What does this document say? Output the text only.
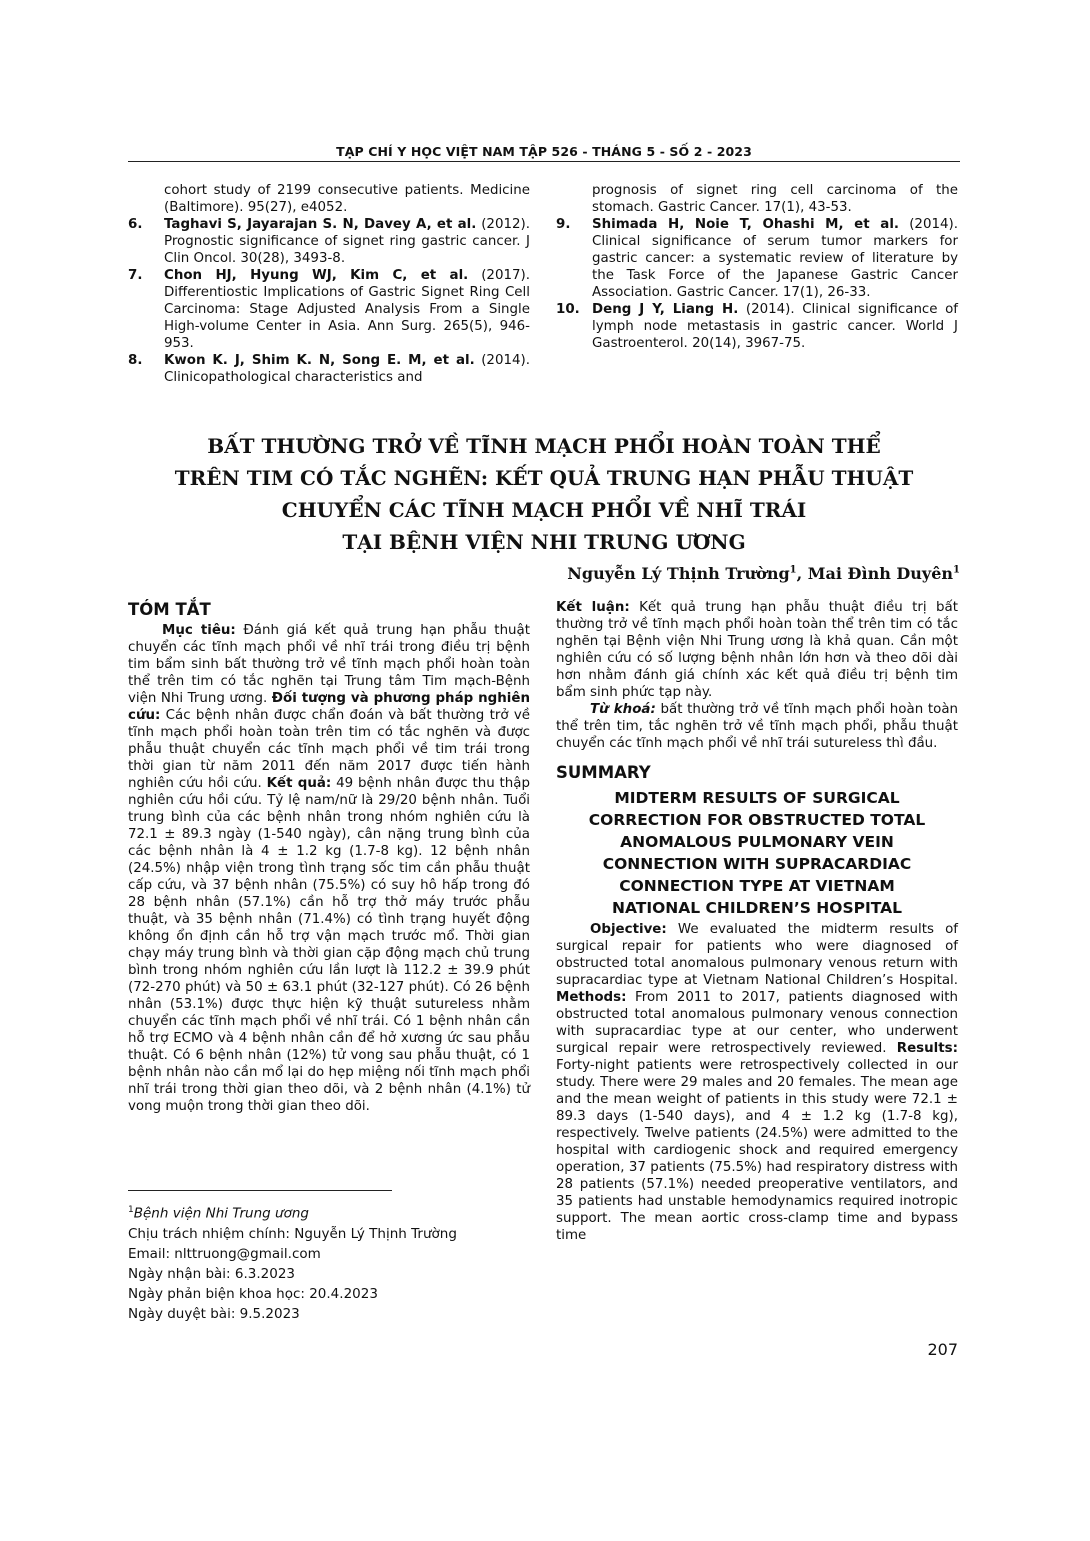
TẠP CHÍ Y HỌC VIỆT NAM TẬP 526 - THÁNG 5 - SỐ 2 - 2023

cohort study of 2199 consecutive patients. Medicine (Baltimore). 95(27), e4052.

6. Taghavi S, Jayarajan S. N, Davey A, et al. (2012). Prognostic significance of signet ring gastric cancer. J Clin Oncol. 30(28), 3493-8.

7. Chon HJ, Hyung WJ, Kim C, et al. (2017). Differentiostic Implications of Gastric Signet Ring Cell Carcinoma: Stage Adjusted Analysis From a Single High-volume Center in Asia. Ann Surg. 265(5), 946-953.

8. Kwon K. J, Shim K. N, Song E. M, et al. (2014). Clinicopathological characteristics and

prognosis of signet ring cell carcinoma of the stomach. Gastric Cancer. 17(1), 43-53.

9. Shimada H, Noie T, Ohashi M, et al. (2014). Clinical significance of serum tumor markers for gastric cancer: a systematic review of literature by the Task Force of the Japanese Gastric Cancer Association. Gastric Cancer. 17(1), 26-33.

10. Deng J Y, Liang H. (2014). Clinical significance of lymph node metastasis in gastric cancer. World J Gastroenterol. 20(14), 3967-75.

BẤT THƯỜNG TRỞ VỀ TĨNH MẠCH PHỔI HOÀN TOÀN THỂ
TRÊN TIM CÓ TẮC NGHẼN: KẾT QUẢ TRUNG HẠN PHẪU THUẬT
CHUYỂN CÁC TĨNH MẠCH PHỔI VỀ NHĨ TRÁI
TẠI BỆNH VIỆN NHI TRUNG ƯƠNG
Nguyễn Lý Thịnh Trường$^1$, Mai Đình Duyên$^1$
TÓM TẮT

Mục tiêu: Đánh giá kết quả trung hạn phẫu thuật chuyển các tĩnh mạch phổi về nhĩ trái trong điều trị bệnh tim bẩm sinh bất thường trở về tĩnh mạch phổi hoàn toàn thể trên tim có tắc nghẽn tại Trung tâm Tim mạch-Bệnh viện Nhi Trung ương. Đối tượng và phương pháp nghiên cứu: Các bệnh nhân được chẩn đoán và bất thường trở về tĩnh mạch phổi hoàn toàn trên tim có tắc nghẽn và được phẫu thuật chuyển các tĩnh mạch phổi về tim trái trong thời gian từ năm 2011 đến năm 2017 được tiến hành nghiên cứu hồi cứu. Kết quả: 49 bệnh nhân được thu thập nghiên cứu hồi cứu. Tỷ lệ nam/nữ là 29/20 bệnh nhân. Tuổi trung bình của các bệnh nhân trong nhóm nghiên cứu là 72.1 ± 89.3 ngày (1-540 ngày), cân nặng trung bình của các bệnh nhân là 4 ± 1.2 kg (1.7-8 kg). 12 bệnh nhân (24.5%) nhập viện trong tình trạng sốc tim cần phẫu thuật cấp cứu, và 37 bệnh nhân (75.5%) có suy hô hấp trong đó 28 bệnh nhân (57.1%) cần hỗ trợ thở máy trước phẫu thuật, và 35 bệnh nhân (71.4%) có tình trạng huyết động không ổn định cần hỗ trợ vận mạch trước mổ. Thời gian chạy máy trung bình và thời gian cặp động mạch chủ trung bình trong nhóm nghiên cứu lần lượt là 112.2 ± 39.9 phút (72-270 phút) và 50 ± 63.1 phút (32-127 phút). Có 26 bệnh nhân (53.1%) được thực hiện kỹ thuật sutureless nhằm chuyển các tĩnh mạch phổi về nhĩ trái. Có 1 bệnh nhân cần hỗ trợ ECMO và 4 bệnh nhân cần để hở xương ức sau phẫu thuật. Có 6 bệnh nhân (12%) tử vong sau phẫu thuật, có 1 bệnh nhân nào cần mổ lại do hẹp miệng nối tĩnh mạch phổi nhĩ trái trong thời gian theo dõi, và 2 bệnh nhân (4.1%) tử vong muộn trong thời gian theo dõi.

Kết luận: Kết quả trung hạn phẫu thuật điều trị bất thường trở về tĩnh mạch phổi hoàn toàn thể trên tim có tắc nghẽn tại Bệnh viện Nhi Trung ương là khả quan. Cần một nghiên cứu có số lượng bệnh nhân lớn hơn và theo dõi dài hơn nhằm đánh giá chính xác kết quả điều trị bệnh tim bẩm sinh phức tạp này.

Từ khoá: bất thường trở về tĩnh mạch phổi hoàn toàn thể trên tim, tắc nghẽn trở về tĩnh mạch phổi, phẫu thuật chuyển các tĩnh mạch phổi về nhĩ trái sutureless thì đầu.

SUMMARY
MIDTERM RESULTS OF SURGICAL
CORRECTION FOR OBSTRUCTED TOTAL
ANOMALOUS PULMONARY VEIN
CONNECTION WITH SUPRACARDIAC
CONNECTION TYPE AT VIETNAM
NATIONAL CHILDREN’S HOSPITAL

Objective: We evaluated the midterm results of surgical repair for patients who were diagnosed of obstructed total anomalous pulmonary venous return with supracardiac type at Vietnam National Children’s Hospital. Methods: From 2011 to 2017, patients diagnosed with obstructed total anomalous pulmonary venous connection with supracardiac type at our center, who underwent surgical repair were retrospectively reviewed. Results: Forty-night patients were retrospectively collected in our study. There were 29 males and 20 females. The mean age and the mean weight of patients in this study were 72.1 ± 89.3 days (1-540 days), and 4 ± 1.2 kg (1.7-8 kg), respectively. Twelve patients (24.5%) were admitted to the hospital with cardiogenic shock and required emergency operation, 37 patients (75.5%) had respiratory distress with 28 patients (57.1%) needed preoperative ventilators, and 35 patients had unstable hemodynamics required inotropic support. The mean aortic cross-clamp time and bypass time

$^1$Bệnh viện Nhi Trung ương
Chịu trách nhiệm chính: Nguyễn Lý Thịnh Trường
Email: nlttruong@gmail.com
Ngày nhận bài: 6.3.2023
Ngày phản biện khoa học: 20.4.2023
Ngày duyệt bài: 9.5.2023
207
